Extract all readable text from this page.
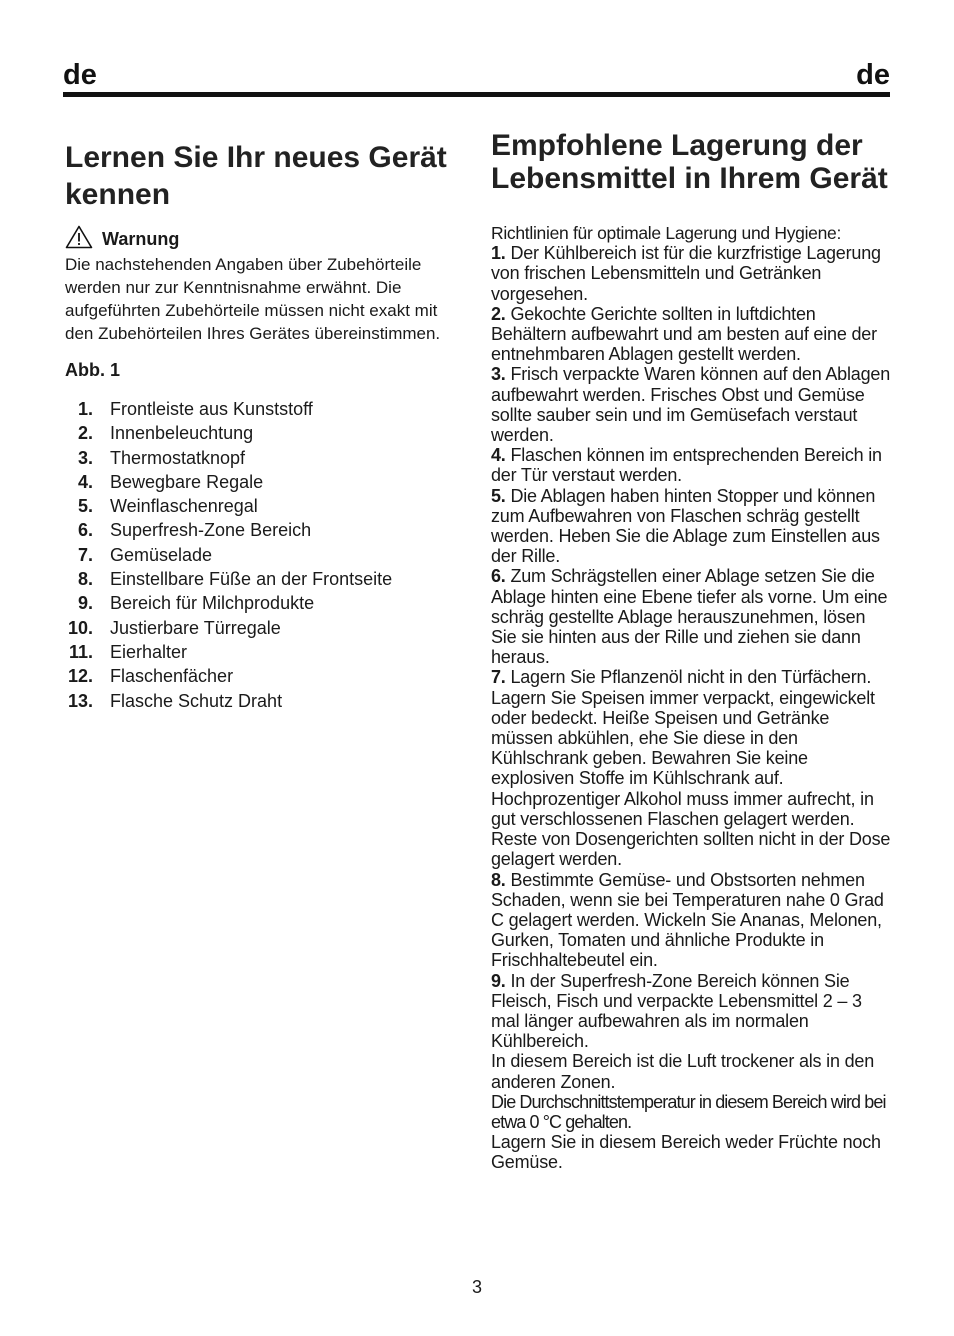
de	de
Lernen Sie Ihr neues Gerät kennen
Warnung
Die nachstehenden Angaben über Zubehörteile werden nur zur Kenntnisnahme erwähnt. Die aufgeführten Zubehörteile müssen nicht exakt mit den Zubehörteilen Ihres Gerätes übereinstimmen.
Abb. 1
1. Frontleiste aus Kunststoff
2. Innenbeleuchtung
3. Thermostatknopf
4. Bewegbare Regale
5. Weinflaschenregal
6. Superfresh-Zone Bereich
7. Gemüselade
8. Einstellbare Füße an der Frontseite
9. Bereich für Milchprodukte
10. Justierbare Türregale
11. Eierhalter
12. Flaschenfächer
13. Flasche Schutz Draht
Empfohlene Lagerung der Lebensmittel in Ihrem Gerät
Richtlinien für optimale Lagerung und Hygiene:
1. Der Kühlbereich ist für die kurzfristige Lagerung von frischen Lebensmitteln und Getränken vorgesehen.
2. Gekochte Gerichte sollten in luftdichten Behältern aufbewahrt und am besten auf eine der entnehmbaren Ablagen gestellt werden.
3. Frisch verpackte Waren können auf den Ablagen aufbewahrt werden. Frisches Obst und Gemüse sollte sauber sein und im Gemüsefach verstaut werden.
4. Flaschen können im entsprechenden Bereich in der Tür verstaut werden.
5. Die Ablagen haben hinten Stopper und können zum Aufbewahren von Flaschen schräg gestellt werden. Heben Sie die Ablage zum Einstellen aus der Rille.
6. Zum Schrägstellen einer Ablage setzen Sie die Ablage hinten eine Ebene tiefer als vorne. Um eine schräg gestellte Ablage herauszunehmen, lösen Sie sie hinten aus der Rille und ziehen sie dann heraus.
7. Lagern Sie Pflanzenöl nicht in den Türfächern. Lagern Sie Speisen immer verpackt, eingewickelt oder bedeckt. Heiße Speisen und Getränke müssen abkühlen, ehe Sie diese in den Kühlschrank geben. Bewahren Sie keine explosiven Stoffe im Kühlschrank auf. Hochprozentiger Alkohol muss immer aufrecht, in gut verschlossenen Flaschen gelagert werden. Reste von Dosengerichten sollten nicht in der Dose gelagert werden.
8. Bestimmte Gemüse- und Obstsorten nehmen Schaden, wenn sie bei Temperaturen nahe 0 Grad C gelagert werden. Wickeln Sie Ananas, Melonen, Gurken, Tomaten und ähnliche Produkte in Frischhaltebeutel ein.
9. In der Superfresh-Zone Bereich können Sie Fleisch, Fisch und verpackte Lebensmittel 2 – 3 mal länger aufbewahren als im normalen Kühlbereich.
In diesem Bereich ist die Luft trockener als in den anderen Zonen.
Die Durchschnittstemperatur in diesem Bereich wird bei etwa 0 °C gehalten.
Lagern Sie in diesem Bereich weder Früchte noch Gemüse.
3
